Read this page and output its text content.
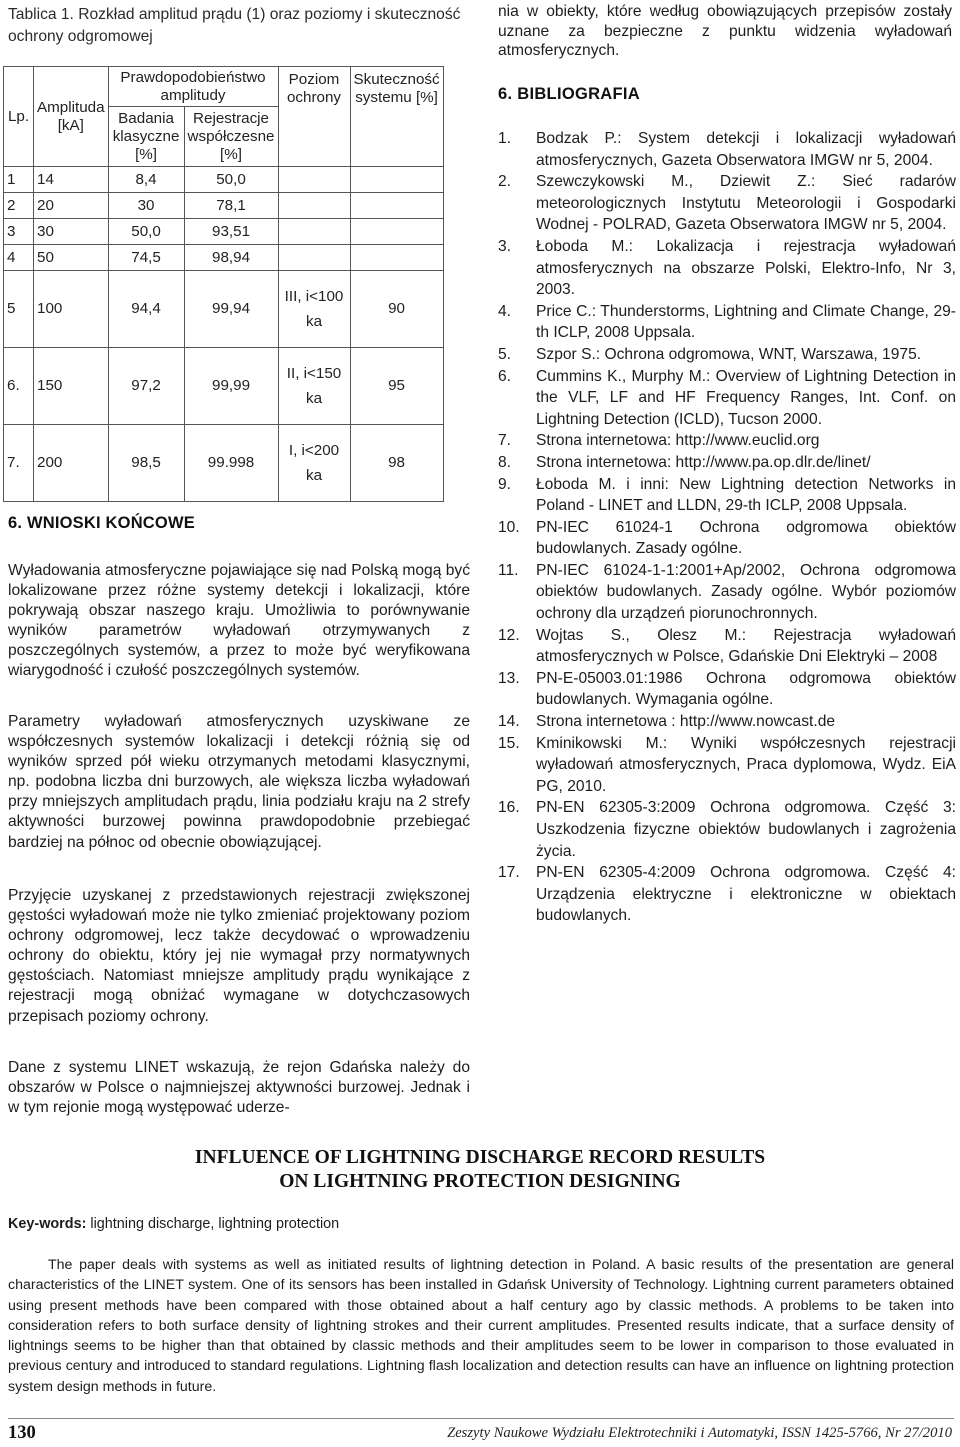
Tablica 1. Rozkład amplitud prądu (1) oraz poziomy i skuteczność ochrony odgromowej
Lp.	Amplituda [kA]	Prawdopodobieństwo amplitudy		Poziom ochrony	Skuteczność systemu [%]
		Badania klasyczne [%]	Rejestracje współczesne [%]		
1	14	8,4	50,0		
2	20	30	78,1		
3	30	50,0	93,51		
4	50	74,5	98,94		
5	100	94,4	99,94	III, i<100 ka	90
6.	150	97,2	99,99	II, i<150 ka	95
7.	200	98,5	99.998	I, i<200 ka	98
6. WNIOSKI KOŃCOWE
Wyładowania atmosferyczne pojawiające się nad Polską mogą być lokalizowane przez różne systemy detekcji i lokalizacji, które pokrywają obszar naszego kraju. Umożliwia to porównywanie wyników parametrów wyładowań otrzymywanych z poszczególnych systemów, a przez to może być weryfikowana wiarygodność i czułość poszczególnych systemów.
Parametry wyładowań atmosferycznych uzyskiwane ze współczesnych systemów lokalizacji i detekcji różnią się od wyników sprzed pół wieku otrzymanych metodami klasycznymi, np. podobna liczba dni burzowych, ale większa liczba wyładowań przy mniejszych amplitudach prądu, linia podziału kraju na 2 strefy aktywności burzowej powinna prawdopodobnie przebiegać bardziej na północ od obecnie obowiązującej.
Przyjęcie uzyskanej z przedstawionych rejestracji zwiększonej gęstości wyładowań może nie tylko zmieniać projektowany poziom ochrony odgromowej, lecz także decydować o wprowadzeniu ochrony do obiektu, który jej nie wymagał przy normatywnych gęstościach. Natomiast mniejsze amplitudy prądu wynikające z rejestracji mogą obniżać wymagane w dotychczasowych przepisach poziomy ochrony.
Dane z systemu LINET wskazują, że rejon Gdańska należy do obszarów w Polsce o najmniejszej aktywności burzowej. Jednak i w tym rejonie mogą występować uderze-
nia w obiekty, które według obowiązujących przepisów zostały uznane za bezpieczne z punktu widzenia wyładowań atmosferycznych.
6. BIBLIOGRAFIA
1.	Bodzak P.: System detekcji i lokalizacji wyładowań atmosferycznych, Gazeta Obserwatora IMGW nr 5, 2004.
2.	Szewczykowski M., Dziewit Z.: Sieć radarów meteorologicznych Instytutu Meteorologii i Gospodarki Wodnej - POLRAD, Gazeta Obserwatora IMGW nr 5, 2004.
3.	Łoboda M.: Lokalizacja i rejestracja wyładowań atmosferycznych na obszarze Polski, Elektro-Info, Nr 3, 2003.
4.	Price C.: Thunderstorms, Lightning and Climate Change, 29-th ICLP, 2008 Uppsala.
5.	Szpor S.: Ochrona odgromowa, WNT, Warszawa, 1975.
6.	Cummins K., Murphy M.: Overview of Lightning Detection in the VLF, LF and HF Frequency Ranges, Int. Conf. on Lightning Detection (ICLD), Tucson 2000.
7.	Strona internetowa: http://www.euclid.org
8.	Strona internetowa: http://www.pa.op.dlr.de/linet/
9.	Łoboda M. i inni: New Lightning detection Networks in Poland - LINET and LLDN, 29-th ICLP, 2008 Uppsala.
10.	PN-IEC 61024-1 Ochrona odgromowa obiektów budowlanych. Zasady ogólne.
11.	PN-IEC 61024-1-1:2001+Ap/2002, Ochrona odgromowa obiektów budowlanych. Zasady ogólne. Wybór poziomów ochrony dla urządzeń piorunochronnych.
12.	Wojtas S., Olesz M.: Rejestracja wyładowań atmosferycznych w Polsce, Gdańskie Dni Elektryki – 2008
13.	PN-E-05003.01:1986 Ochrona odgromowa obiektów budowlanych. Wymagania ogólne.
14.	Strona internetowa : http://www.nowcast.de
15.	Kminikowski M.: Wyniki współczesnych rejestracji wyładowań atmosferycznych, Praca dyplomowa, Wydz. EiA PG, 2010.
16.	PN-EN 62305-3:2009 Ochrona odgromowa. Część 3: Uszkodzenia fizyczne obiektów budowlanych i zagrożenia życia.
17.	PN-EN 62305-4:2009 Ochrona odgromowa. Część 4: Urządzenia elektryczne i elektroniczne w obiektach budowlanych.
INFLUENCE OF LIGHTNING DISCHARGE RECORD RESULTS
ON LIGHTNING PROTECTION DESIGNING
Key-words: lightning discharge, lightning protection
The paper deals with systems as well as initiated results of lightning detection in Poland. A basic results of the presentation are general characteristics of the LINET system. One of its sensors has been installed in Gdańsk University of Technology. Lightning current parameters obtained using present methods have been compared with those obtained about a half century ago by classic methods. A problems to be taken into consideration refers to both surface density of lightning strokes and their current amplitudes. Presented results indicate, that a surface density of lightnings seems to be higher than that obtained by classic methods and their amplitudes seem to be lower in comparison to those evaluated in previous century and introduced to standard regulations. Lightning flash localization and detection results can have an influence on lightning protection system design methods in future.
130	Zeszyty Naukowe Wydziału Elektrotechniki i Automatyki, ISSN 1425-5766, Nr 27/2010
